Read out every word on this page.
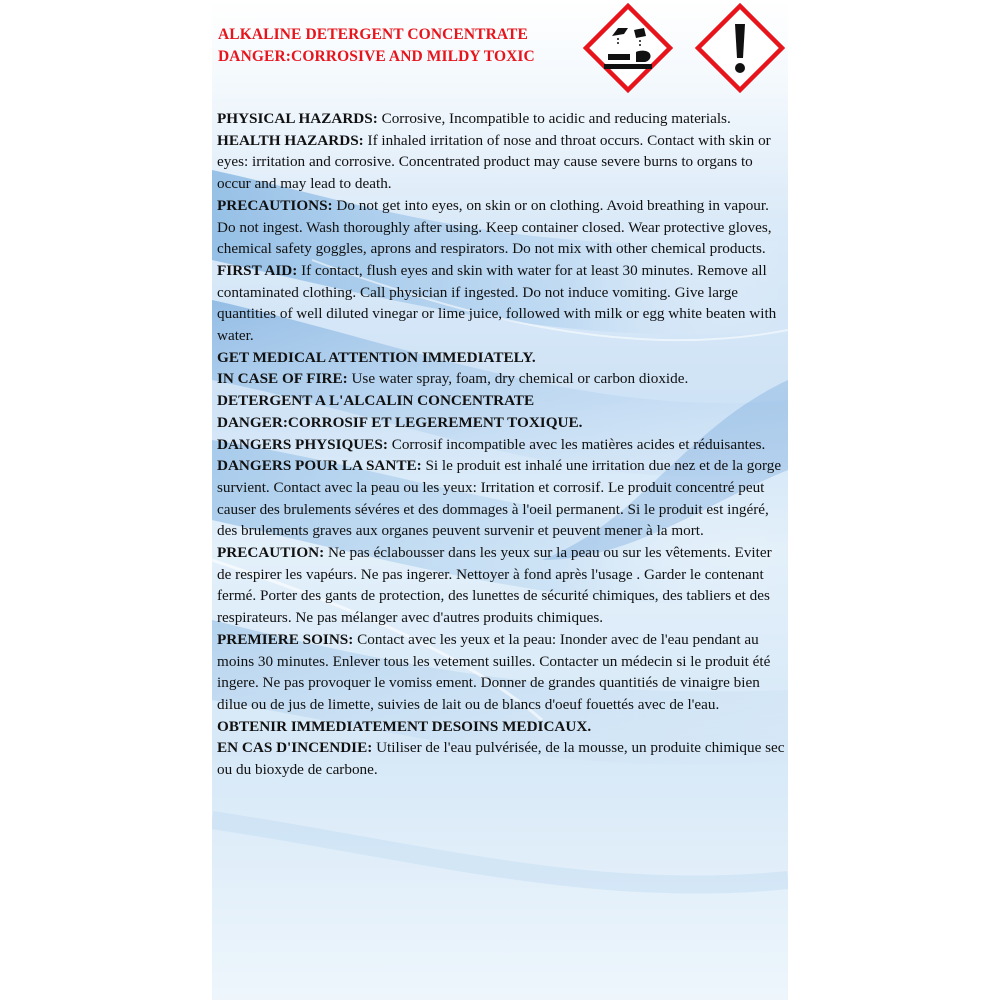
ALKALINE DETERGENT CONCENTRATE
DANGER:CORROSIVE AND MILDY TOXIC

PHYSICAL HAZARDS: Corrosive, Incompatible to acidic and reducing materials.

HEALTH HAZARDS: If inhaled irritation of nose and throat occurs. Contact with skin or eyes: irritation and corrosive. Concentrated product may cause severe burns to organs to occur and may lead to death.

PRECAUTIONS: Do not get into eyes, on skin or on clothing. Avoid breathing in vapour. Do not ingest. Wash thoroughly after using. Keep container closed. Wear protective gloves, chemical safety goggles, aprons and respirators. Do not mix with other chemical products.

FIRST AID: If contact, flush eyes and skin with water for at least 30 minutes. Remove all contaminated clothing. Call physician if ingested. Do not induce vomiting. Give large quantities of well diluted vinegar or lime juice, followed with milk or egg white beaten with water.

GET MEDICAL ATTENTION IMMEDIATELY.

IN CASE OF FIRE: Use water spray, foam, dry chemical or carbon dioxide.

DETERGENT A L'ALCALIN CONCENTRATE

DANGER:CORROSIF ET LEGEREMENT TOXIQUE.

DANGERS PHYSIQUES: Corrosif incompatible avec les matières acides et réduisantes.

DANGERS POUR LA SANTE: Si le produit est inhalé une irritation due nez et de la gorge survient. Contact avec la peau ou les yeux: Irritation et corrosif. Le produit concentré peut causer des brulements sévéres et des dommages à l'oeil permanent. Si le produit est ingéré, des brulements graves aux organes peuvent survenir et peuvent mener à la mort.

PRECAUTION: Ne pas éclabousser dans les yeux sur la peau ou sur les vêtements. Eviter de respirer les vapéurs. Ne pas ingerer. Nettoyer à fond après l'usage . Garder le contenant fermé. Porter des gants de protection, des lunettes de sécurité chimiques, des tabliers et des respirateurs. Ne pas mélanger avec d'autres produits chimiques.

PREMIERE SOINS: Contact avec les yeux et la peau: Inonder avec de l'eau pendant au moins 30 minutes. Enlever tous les vetement suilles. Contacter un médecin si le produit été ingere. Ne pas provoquer le vomiss ement. Donner de grandes quantitiés de vinaigre bien dilue ou de jus de limette, suivies de lait ou de blancs d'oeuf fouettés avec de l'eau.

OBTENIR IMMEDIATEMENT DESOINS MEDICAUX.

EN CAS D'INCENDIE: Utiliser de l'eau pulvérisée, de la mousse, un produite chimique sec ou du bioxyde de carbone.
